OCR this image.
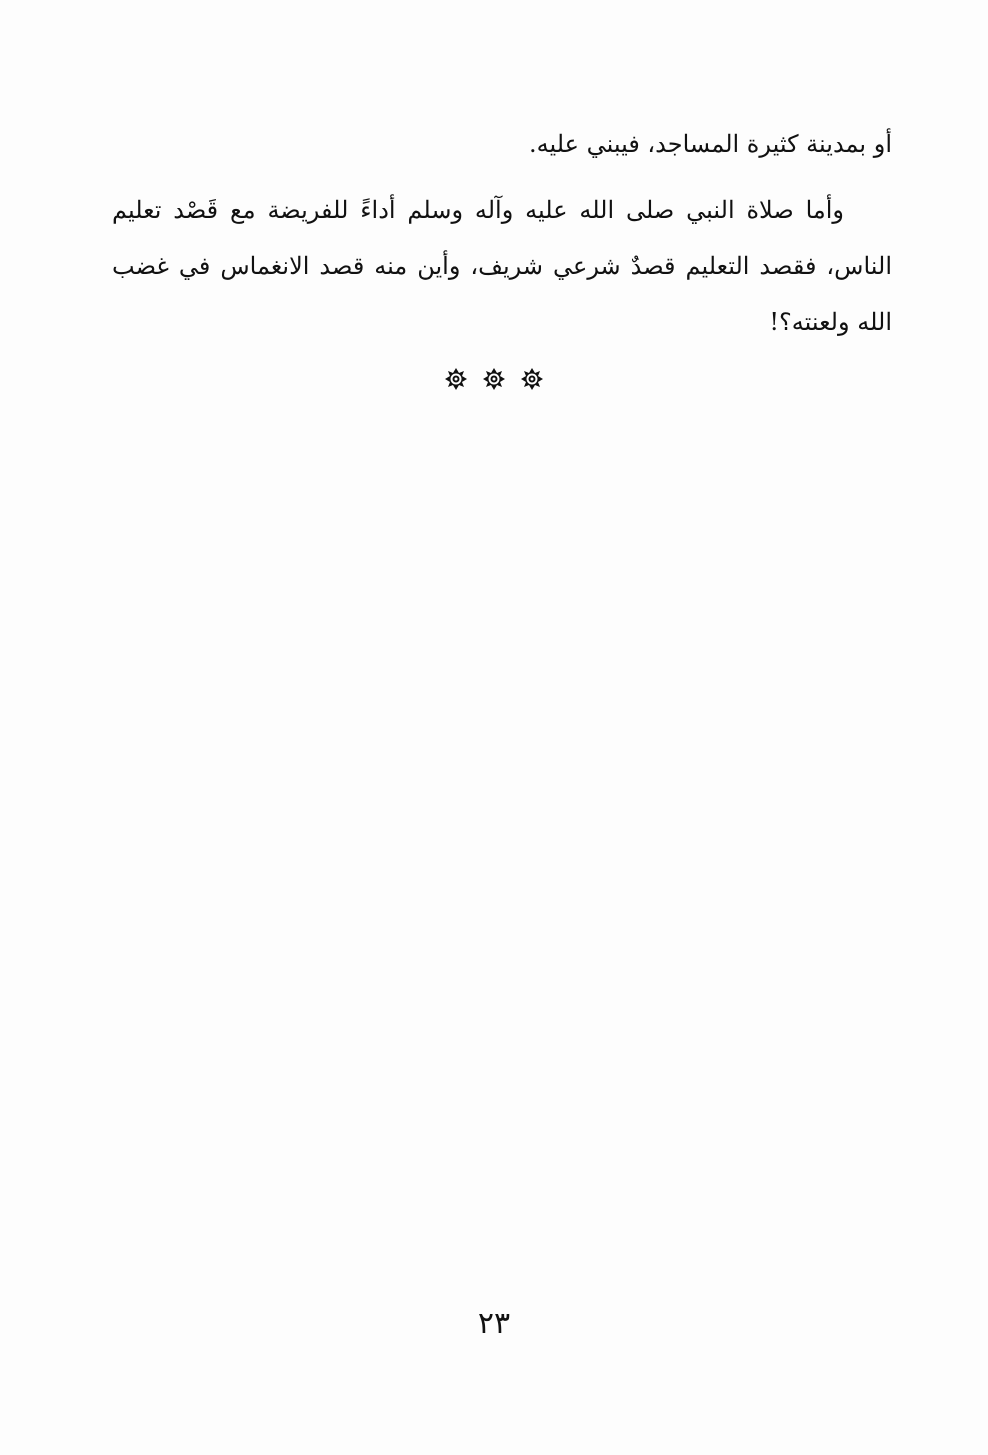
أو بمدينة كثيرة المساجد، فيبني عليه.

وأما صلاة النبي صلى الله عليه وآله وسلم أداءً للفريضة مع قَصْد تعليم الناس، فقصد التعليم قصدٌ شرعي شريف، وأين منه قصد الانغماس في غضب الله ولعنته؟!

٢٣
